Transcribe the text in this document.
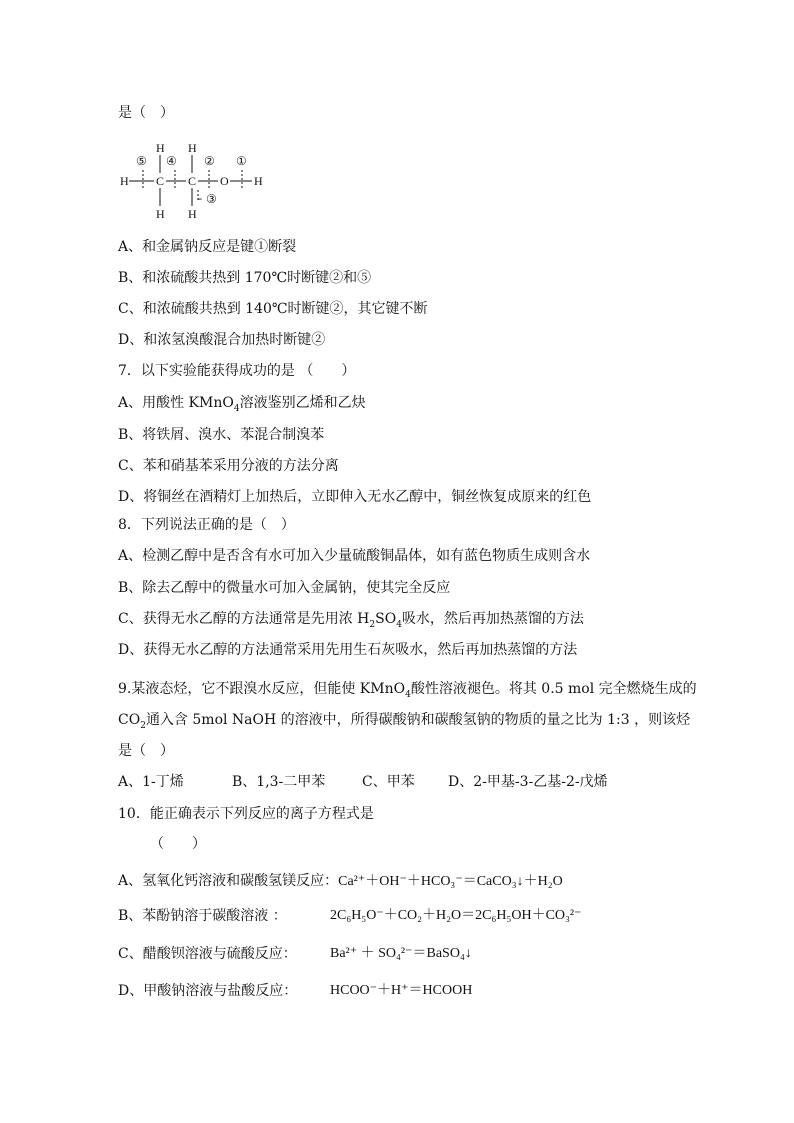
是（　）
H H
⑤ ④ ② ①
H C C O H
H H
- ③
A、和金属钠反应是键①断裂
B、和浓硫酸共热到 170℃时断键②和⑤
C、和浓硫酸共热到 140℃时断键②，其它键不断
D、和浓氢溴酸混合加热时断键②
7．以下实验能获得成功的是 （　　）
A、用酸性 KMnO$_4$溶液鉴别乙烯和乙炔
B、将铁屑、溴水、苯混合制溴苯
C、苯和硝基苯采用分液的方法分离
D、将铜丝在酒精灯上加热后，立即伸入无水乙醇中，铜丝恢复成原来的红色
8．下列说法正确的是（　）
A、检测乙醇中是否含有水可加入少量硫酸铜晶体，如有蓝色物质生成则含水
B、除去乙醇中的微量水可加入金属钠，使其完全反应
C、获得无水乙醇的方法通常是先用浓 $H_2SO_4$吸水，然后再加热蒸馏的方法
D、获得无水乙醇的方法通常采用先用生石灰吸水，然后再加热蒸馏的方法
9.某液态烃，它不跟溴水反应，但能使 KMnO$_4$酸性溶液褪色。将其 0.5 mol 完全燃烧生成的
$CO_2$通入含 5mol NaOH 的溶液中，所得碳酸钠和碳酸氢钠的物质的量之比为 1:3 ，则该烃
是（　）
A、1-丁烯	B、1,3-二甲苯	C、甲苯 D、2-甲基-3-乙基-2-戊烯
10．能正确表示下列反应的离子方程式是
（　　）
A、氢氧化钙溶液和碳酸氢镁反应：Ca²⁺＋OH⁻＋HCO₃⁻＝CaCO₃↓＋H₂O
B、苯酚钠溶于碳酸溶液 ：	2C₆H₅O⁻＋CO₂＋H₂O＝2C₆H₅OH＋CO₃²⁻
C、醋酸钡溶液与硫酸反应： Ba²⁺ ＋ SO₄²⁻＝BaSO₄↓
D、甲酸钠溶液与盐酸反应： HCOO⁻＋H⁺＝HCOOH
